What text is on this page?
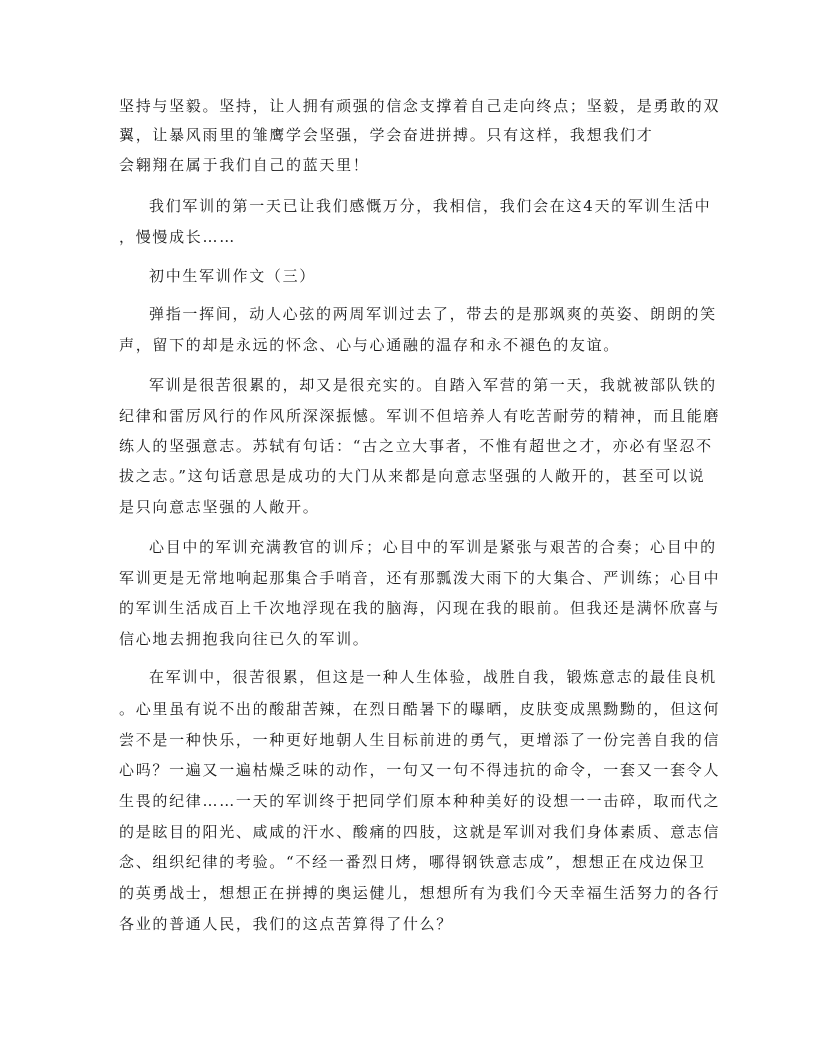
坚持与坚毅。坚持，让人拥有顽强的信念支撑着自己走向终点；坚毅，是勇敢的双
翼，让暴风雨里的雏鹰学会坚强，学会奋进拼搏。只有这样，我想我们才
会翱翔在属于我们自己的蓝天里！
我们军训的第一天已让我们感慨万分，我相信，我们会在这4天的军训生活中
，慢慢成长……
初中生军训作文（三）
弹指一挥间，动人心弦的两周军训过去了，带去的是那飒爽的英姿、朗朗的笑
声，留下的却是永远的怀念、心与心通融的温存和永不褪色的友谊。
军训是很苦很累的，却又是很充实的。自踏入军营的第一天，我就被部队铁的
纪律和雷厉风行的作风所深深振憾。军训不但培养人有吃苦耐劳的精神，而且能磨
练人的坚强意志。苏轼有句话：“古之立大事者，不惟有超世之才，亦必有坚忍不
拔之志。”这句话意思是成功的大门从来都是向意志坚强的人敞开的，甚至可以说
是只向意志坚强的人敞开。
心目中的军训充满教官的训斥；心目中的军训是紧张与艰苦的合奏；心目中的
军训更是无常地响起那集合手哨音，还有那瓢泼大雨下的大集合、严训练；心目中
的军训生活成百上千次地浮现在我的脑海，闪现在我的眼前。但我还是满怀欣喜与
信心地去拥抱我向往已久的军训。
在军训中，很苦很累，但这是一种人生体验，战胜自我，锻炼意志的最佳良机
。心里虽有说不出的酸甜苦辣，在烈日酷暑下的曝晒，皮肤变成黑黝黝的，但这何
尝不是一种快乐，一种更好地朝人生目标前进的勇气，更增添了一份完善自我的信
心吗？一遍又一遍枯燥乏味的动作，一句又一句不得违抗的命令，一套又一套令人
生畏的纪律……一天的军训终于把同学们原本种种美好的设想一一击碎，取而代之
的是眩目的阳光、咸咸的汗水、酸痛的四肢，这就是军训对我们身体素质、意志信
念、组织纪律的考验。“不经一番烈日烤，哪得钢铁意志成”，想想正在戍边保卫
的英勇战士，想想正在拼搏的奥运健儿，想想所有为我们今天幸福生活努力的各行
各业的普通人民，我们的这点苦算得了什么？
